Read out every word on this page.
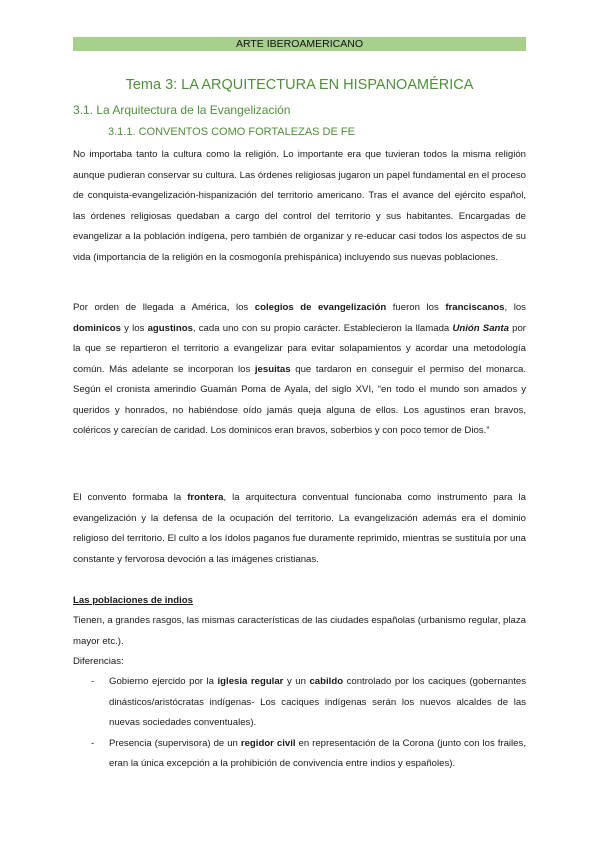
ARTE IBEROAMERICANO
Tema 3: LA ARQUITECTURA EN HISPANOAMÉRICA
3.1. La Arquitectura de la Evangelización
3.1.1. CONVENTOS COMO FORTALEZAS DE FE

No importaba tanto la cultura como la religión. Lo importante era que tuvieran todos la misma religión aunque pudieran conservar su cultura. Las órdenes religiosas jugaron un papel fundamental en el proceso de conquista-evangelización-hispanización del territorio americano. Tras el avance del ejército español, las órdenes religiosas quedaban a cargo del control del territorio y sus habitantes. Encargadas de evangelizar a la población indígena, pero también de organizar y re-educar casi todos los aspectos de su vida (importancia de la religión en la cosmogonía prehispánica) incluyendo sus nuevas poblaciones.

Por orden de llegada a América, los colegios de evangelización fueron los franciscanos, los dominicos y los agustinos, cada uno con su propio carácter. Establecieron la llamada Unión Santa por la que se repartieron el territorio a evangelizar para evitar solapamientos y acordar una metodología común. Más adelante se incorporan los jesuitas que tardaron en conseguir el permiso del monarca. Según el cronista amerindio Guamán Poma de Ayala, del siglo XVI, “en todo el mundo son amados y queridos y honrados, no habiéndose oído jamás queja alguna de ellos. Los agustinos eran bravos, coléricos y carecían de caridad. Los dominicos eran bravos, soberbios y con poco temor de Dios.”

El convento formaba la frontera, la arquitectura conventual funcionaba como instrumento para la evangelización y la defensa de la ocupación del territorio. La evangelización además era el dominio religioso del territorio. El culto a los ídolos paganos fue duramente reprimido, mientras se sustituía por una constante y fervorosa devoción a las imágenes cristianas.

Las poblaciones de indios
Tienen, a grandes rasgos, las mismas características de las ciudades españolas (urbanismo regular, plaza mayor etc.).
Diferencias:
- Gobierno ejercido por la iglesia regular y un cabildo controlado por los caciques (gobernantes dinásticos/aristócratas indígenas- Los caciques indígenas serán los nuevos alcaldes de las nuevas sociedades conventuales).
- Presencia (supervisora) de un regidor civil en representación de la Corona (junto con los frailes, eran la única excepción a la prohibición de convivencia entre indios y españoles).
